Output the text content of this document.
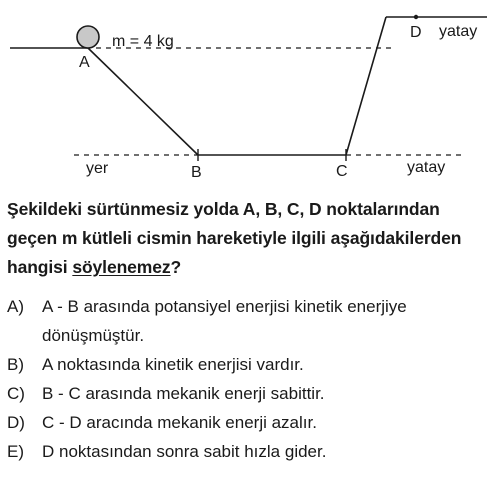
m = 4 kg
A
B	C
D
yer
yatay
yatay
Şekildeki sürtünmesiz yolda A, B, C, D noktalarından geçen m kütleli cismin hareketiyle ilgili aşağıdakilerden hangisi söylenemez?
A)	A - B arasında potansiyel enerjisi kinetik enerjiye dönüşmüştür.
B)	A noktasında kinetik enerjisi vardır.
C)	B - C arasında mekanik enerji sabittir.
D)	C - D aracında mekanik enerji azalır.
E)	D noktasından sonra sabit hızla gider.
